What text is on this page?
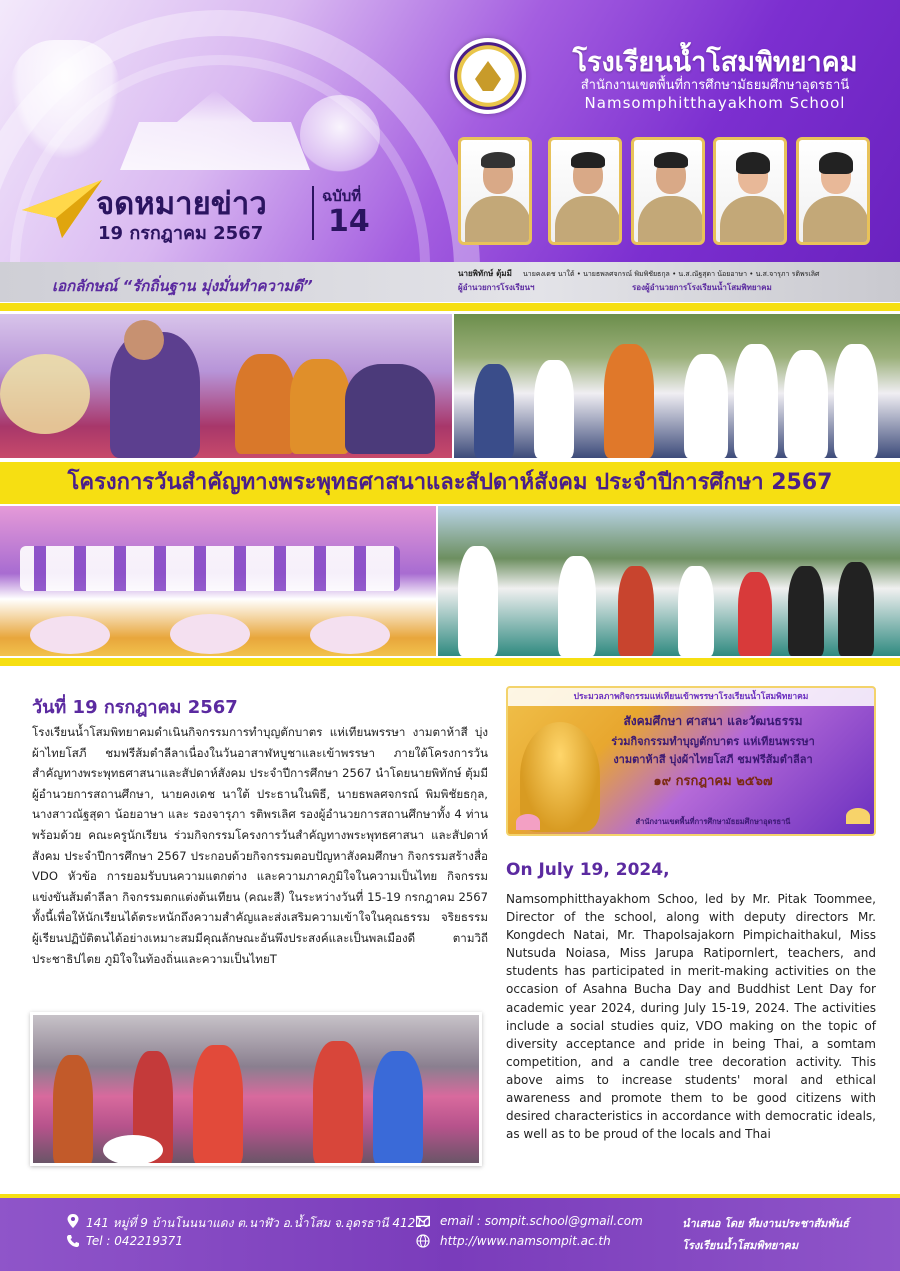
โรงเรียนน้ำโสมพิทยาคม
สำนักงานเขตพื้นที่การศึกษามัธยมศึกษาอุดรธานี
Namsomphitthayakhom School
จดหมายข่าว
19 กรกฎาคม 2567
ฉบับที่
14
เอกลักษณ์ “รักถิ่นฐาน มุ่งมั่นทำความดี”
นายพิทักษ์ ตุ้มมี นายคงเดช นาใต้ • นายธพลศจกรณ์ พิมพิชัยธกุล • น.ส.ณัฐสุดา น้อยอาษา • น.ส.จารุภา รติพรเลิศ
ผู้อำนวยการโรงเรียนฯ	รองผู้อำนวยการโรงเรียนน้ำโสมพิทยาคม
โครงการวันสำคัญทางพระพุทธศาสนาและสัปดาห์สังคม ประจำปีการศึกษา 2567
วันที่ 19 กรกฎาคม 2567
โรงเรียนน้ำโสมพิทยาคมดำเนินกิจกรรมการทำบุญตักบาตร แห่เทียนพรรษา งามตาห้าสี บุ่งผ้าไทยโสภี ชมฟรีส้มตำลีลาเนื่องในวันอาสาฬหบูชาและเข้าพรรษา ภายใต้โครงการวันสำคัญทางพระพุทธศาสนาและสัปดาห์สังคม ประจำปีการศึกษา 2567 นำโดยนายพิทักษ์ ตุ้มมี ผู้อำนวยการสถานศึกษา, นายคงเดช นาใต้ ประธานในพิธี, นายธพลศจกรณ์ พิมพิชัยธกุล, นางสาวณัฐสุดา น้อยอาษา และ รองจารุภา รติพรเลิศ รองผู้อำนวยการสถานศึกษาทั้ง 4 ท่าน พร้อมด้วย คณะครูนักเรียน ร่วมกิจกรรมโครงการวันสำคัญทางพระพุทธศาสนา และสัปดาห์สังคม ประจำปีการศึกษา 2567 ประกอบด้วยกิจกรรมตอบปัญหาสังคมศึกษา กิจกรรมสร้างสื่อ VDO หัวข้อ การยอมรับบนความแตกต่าง และความภาคภูมิใจในความเป็นไทย กิจกรรมแข่งขันส้มตำลีลา กิจกรรมตกแต่งต้นเทียน (คณะสี) ในระหว่างวันที่ 15-19 กรกฎาคม 2567 ทั้งนี้เพื่อให้นักเรียนได้ตระหนักถึงความสำคัญและส่งเสริมความเข้าใจในคุณธรรม จริยธรรม ผู้เรียนปฏิบัติตนได้อย่างเหมาะสมมีคุณลักษณะอันพึงประสงค์และเป็นพลเมืองดี ตามวิถีประชาธิปไตย ภูมิใจในท้องถิ่นและความเป็นไทยT
ประมวลภาพกิจกรรมแห่เทียนเข้าพรรษาโรงเรียนน้ำโสมพิทยาคม
สังคมศึกษา ศาสนา และวัฒนธรรม
ร่วมกิจกรรมทำบุญตักบาตร แห่เทียนพรรษา
งามตาห้าสี บุ่งผ้าไทยโสภี ชมฟรีส้มตำลีลา
๑๙ กรกฎาคม ๒๕๖๗
สำนักงานเขตพื้นที่การศึกษามัธยมศึกษาอุดรธานี
On July 19, 2024,
Namsomphitthayakhom Schoo, led by Mr. Pitak Toommee, Director of the school, along with deputy directors Mr. Kongdech Natai, Mr. Thapolsajakorn Pimpichaithakul, Miss Nutsuda Noiasa, Miss Jarupa Ratipornlert, teachers, and students has participated in merit-making activities on the occasion of Asahna Bucha Day and Buddhist Lent Day for academic year 2024, during July 15-19, 2024. The activities include a social studies quiz, VDO making on the topic of diversity acceptance and pride in being Thai, a somtam competition, and a candle tree decoration activity. This above aims to increase students' moral and ethical awareness and promote them to be good citizens with desired characteristics in accordance with democratic ideals, as well as to be proud of the locals and Thai
141 หมู่ที่ 9 บ้านโนนนาแดง ต.นาฬัว อ.น้ำโสม จ.อุดรธานี 41210
Tel : 042219371
email : sompit.school@gmail.com
http://www.namsompit.ac.th
นำเสนอ โดย ทีมงานประชาสัมพันธ์
โรงเรียนน้ำโสมพิทยาคม
